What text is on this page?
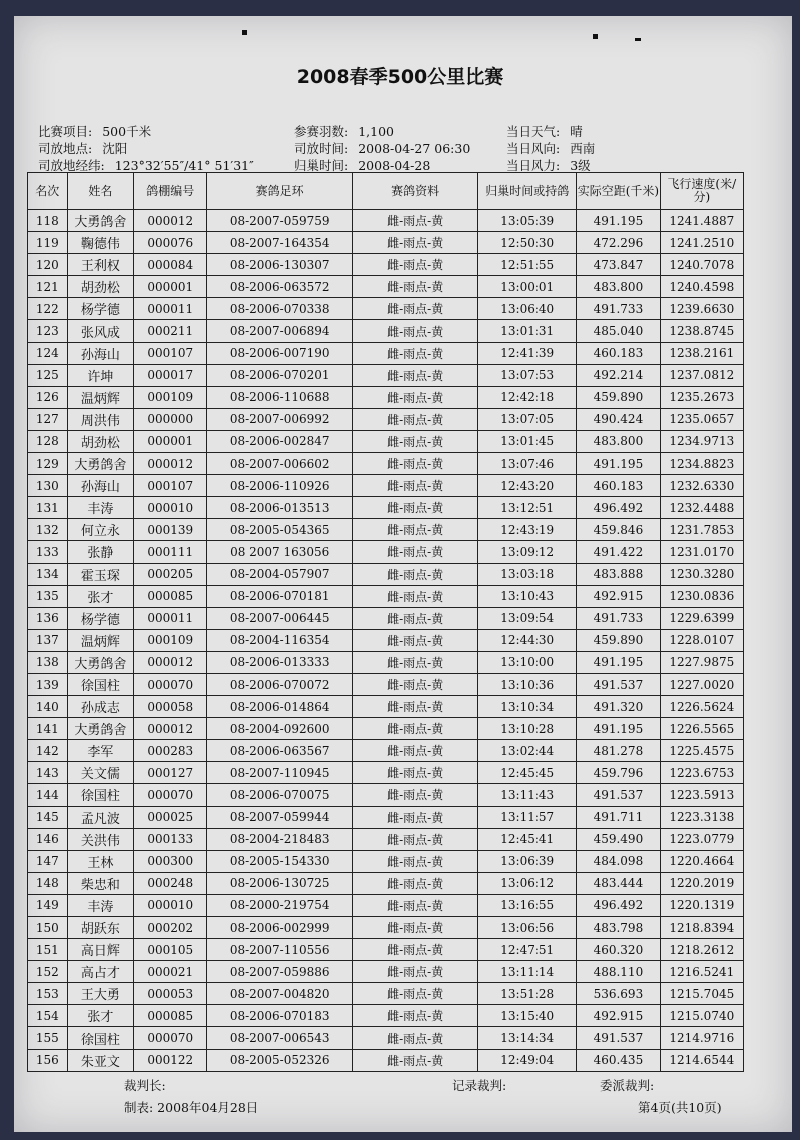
2008春季500公里比赛
比赛项目: 500千米	参赛羽数: 1,100	当日天气: 晴
司放地点: 沈阳	司放时间: 2008-04-27 06:30	当日风向: 西南
司放地经纬: 123°32′55″/41° 51′31″	归巢时间: 2008-04-28	当日风力: 3级
名次	姓名	鸽棚编号	赛鸽足环	赛鸽资料	归巢时间或持鸽	实际空距(千米)	飞行速度(米/分)
118	大勇鸽舍	000012	08-2007-059759	雌-雨点-黄	13:05:39	491.195	1241.4887
119	鞠德伟	000076	08-2007-164354	雌-雨点-黄	12:50:30	472.296	1241.2510
120	王利权	000084	08-2006-130307	雌-雨点-黄	12:51:55	473.847	1240.7078
121	胡劲松	000001	08-2006-063572	雌-雨点-黄	13:00:01	483.800	1240.4598
122	杨学德	000011	08-2006-070338	雌-雨点-黄	13:06:40	491.733	1239.6630
123	张风成	000211	08-2007-006894	雌-雨点-黄	13:01:31	485.040	1238.8745
124	孙海山	000107	08-2006-007190	雌-雨点-黄	12:41:39	460.183	1238.2161
125	许坤	000017	08-2006-070201	雌-雨点-黄	13:07:53	492.214	1237.0812
126	温炳辉	000109	08-2006-110688	雌-雨点-黄	12:42:18	459.890	1235.2673
127	周洪伟	000000	08-2007-006992	雌-雨点-黄	13:07:05	490.424	1235.0657
128	胡劲松	000001	08-2006-002847	雌-雨点-黄	13:01:45	483.800	1234.9713
129	大勇鸽舍	000012	08-2007-006602	雌-雨点-黄	13:07:46	491.195	1234.8823
130	孙海山	000107	08-2006-110926	雌-雨点-黄	12:43:20	460.183	1232.6330
131	丰涛	000010	08-2006-013513	雌-雨点-黄	13:12:51	496.492	1232.4488
132	何立永	000139	08-2005-054365	雌-雨点-黄	12:43:19	459.846	1231.7853
133	张静	000111	08 2007 163056	雌-雨点-黄	13:09:12	491.422	1231.0170
134	霍玉琛	000205	08-2004-057907	雌-雨点-黄	13:03:18	483.888	1230.3280
135	张才	000085	08-2006-070181	雌-雨点-黄	13:10:43	492.915	1230.0836
136	杨学德	000011	08-2007-006445	雌-雨点-黄	13:09:54	491.733	1229.6399
137	温炳辉	000109	08-2004-116354	雌-雨点-黄	12:44:30	459.890	1228.0107
138	大勇鸽舍	000012	08-2006-013333	雌-雨点-黄	13:10:00	491.195	1227.9875
139	徐国柱	000070	08-2006-070072	雌-雨点-黄	13:10:36	491.537	1227.0020
140	孙成志	000058	08-2006-014864	雌-雨点-黄	13:10:34	491.320	1226.5624
141	大勇鸽舍	000012	08-2004-092600	雌-雨点-黄	13:10:28	491.195	1226.5565
142	李军	000283	08-2006-063567	雌-雨点-黄	13:02:44	481.278	1225.4575
143	关文儒	000127	08-2007-110945	雌-雨点-黄	12:45:45	459.796	1223.6753
144	徐国柱	000070	08-2006-070075	雌-雨点-黄	13:11:43	491.537	1223.5913
145	孟凡波	000025	08-2007-059944	雌-雨点-黄	13:11:57	491.711	1223.3138
146	关洪伟	000133	08-2004-218483	雌-雨点-黄	12:45:41	459.490	1223.0779
147	王林	000300	08-2005-154330	雌-雨点-黄	13:06:39	484.098	1220.4664
148	柴忠和	000248	08-2006-130725	雌-雨点-黄	13:06:12	483.444	1220.2019
149	丰涛	000010	08-2000-219754	雌-雨点-黄	13:16:55	496.492	1220.1319
150	胡跃东	000202	08-2006-002999	雌-雨点-黄	13:06:56	483.798	1218.8394
151	高日辉	000105	08-2007-110556	雌-雨点-黄	12:47:51	460.320	1218.2612
152	高占才	000021	08-2007-059886	雌-雨点-黄	13:11:14	488.110	1216.5241
153	王大勇	000053	08-2007-004820	雌-雨点-黄	13:51:28	536.693	1215.7045
154	张才	000085	08-2006-070183	雌-雨点-黄	13:15:40	492.915	1215.0740
155	徐国柱	000070	08-2007-006543	雌-雨点-黄	13:14:34	491.537	1214.9716
156	朱亚文	000122	08-2005-052326	雌-雨点-黄	12:49:04	460.435	1214.6544
裁判长:	记录裁判:	委派裁判:
制表: 2008年04月28日	第4页(共10页)
